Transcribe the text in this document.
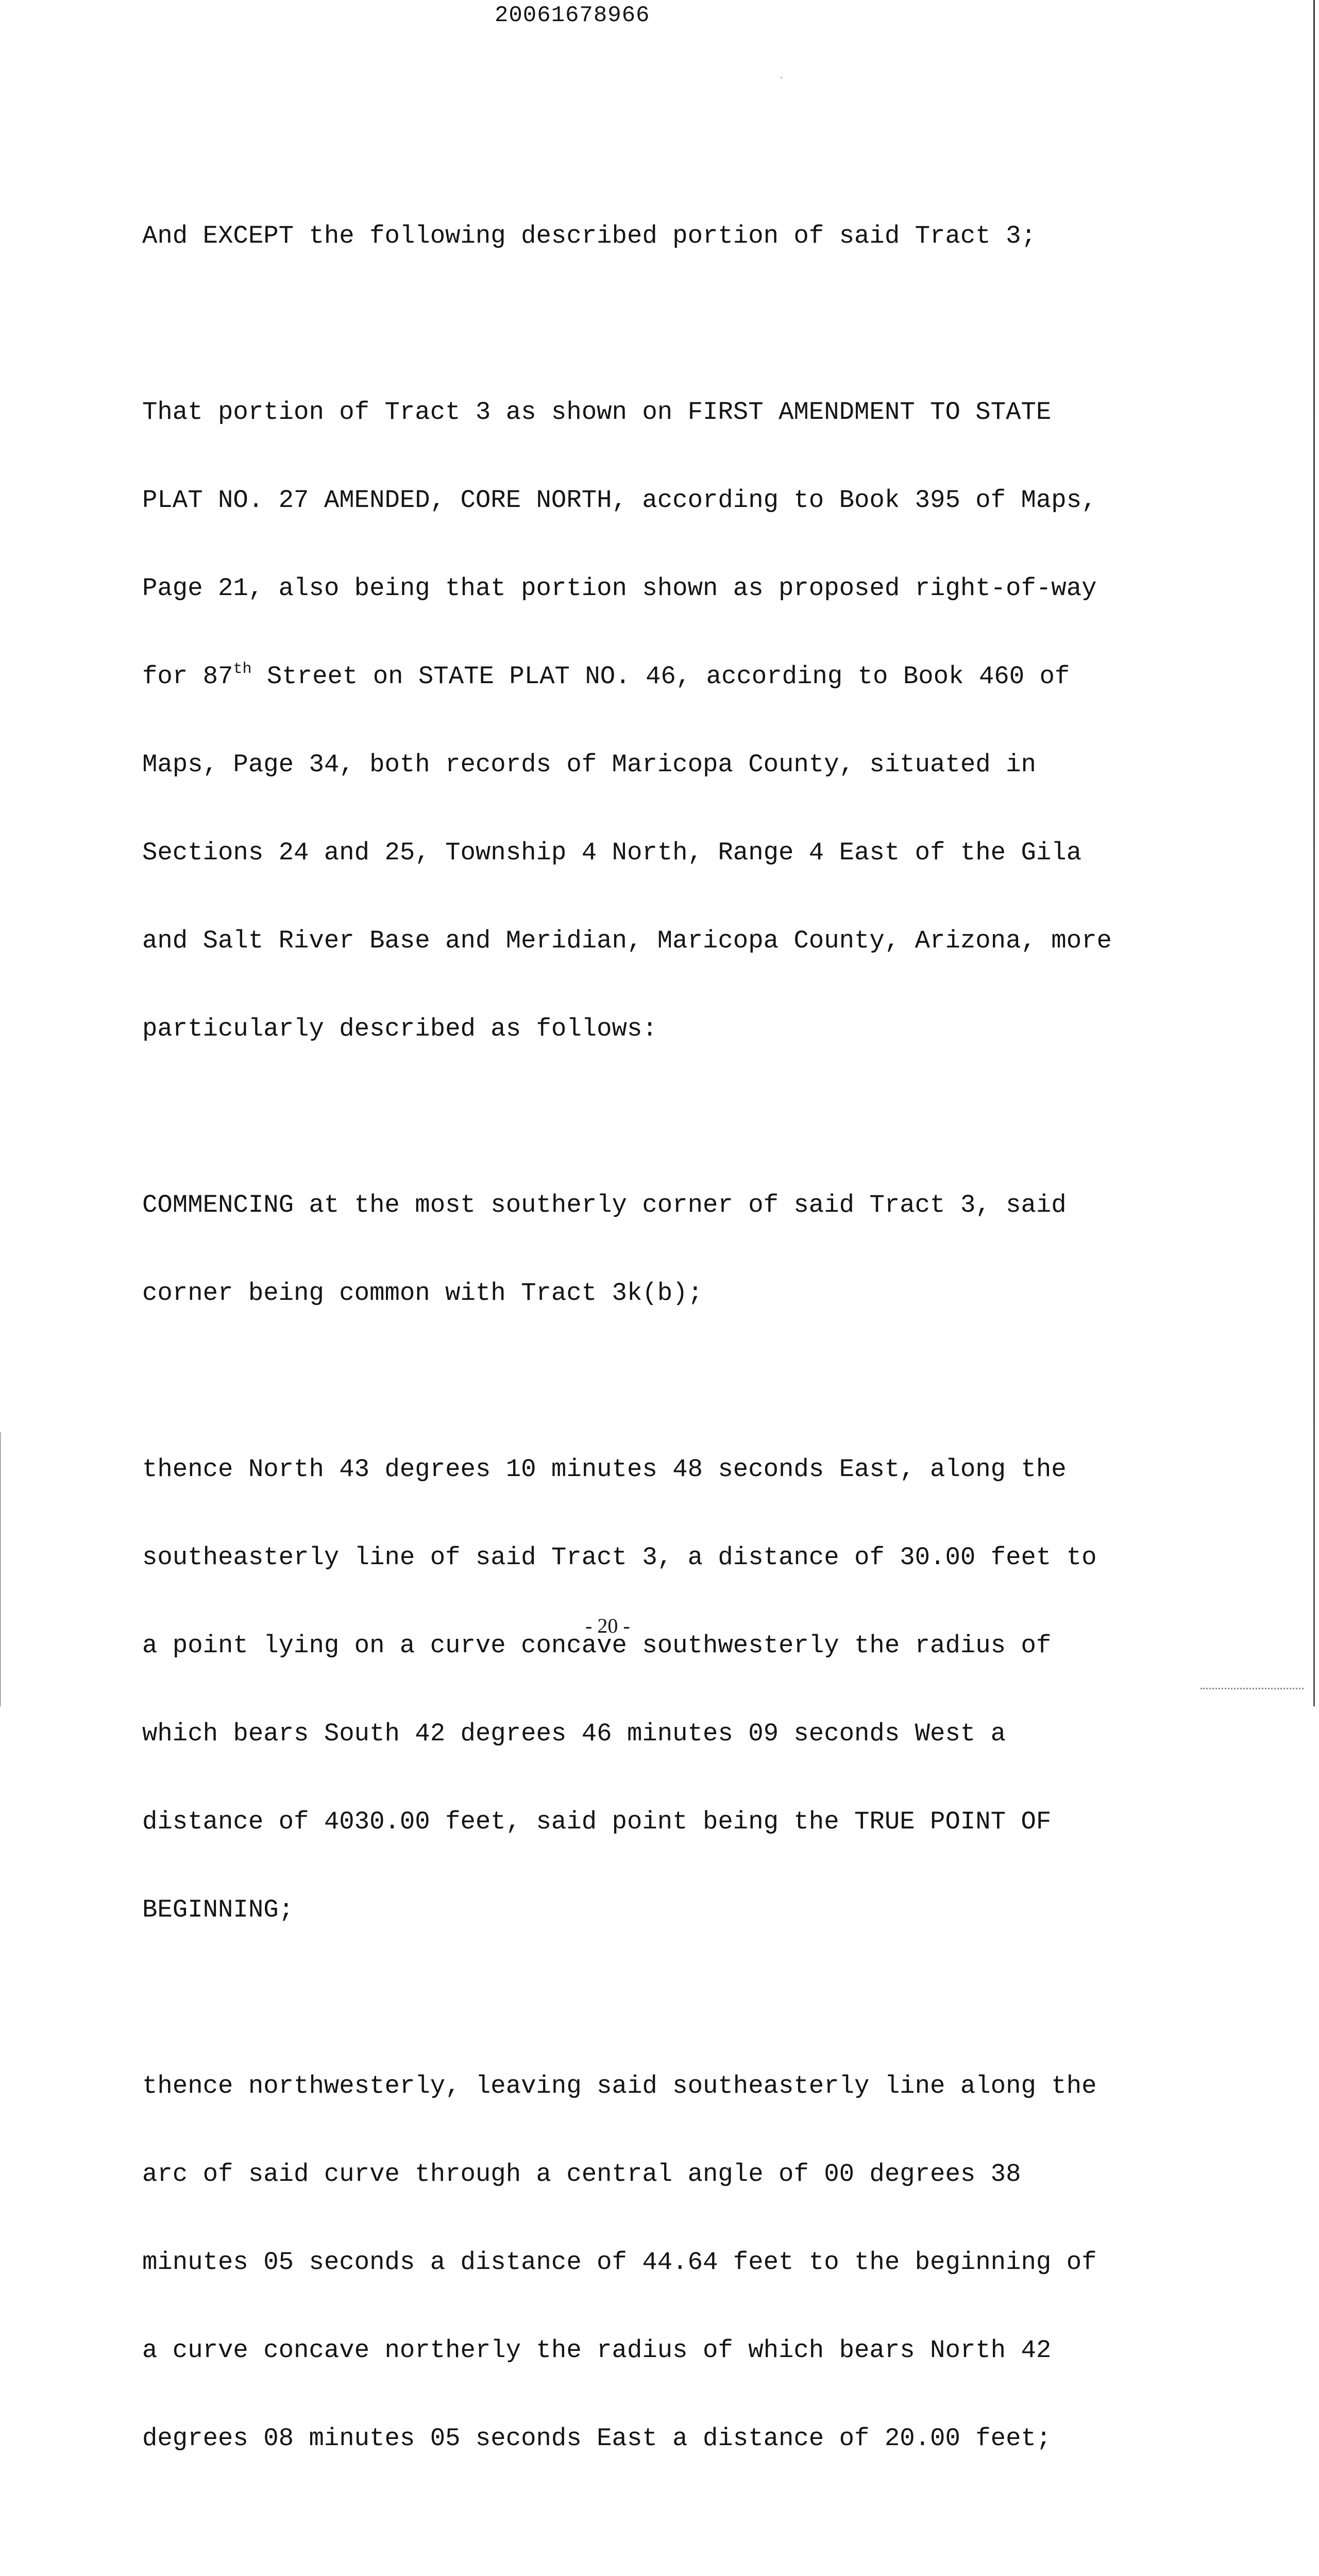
20061678966

And EXCEPT the following described portion of said Tract 3;

That portion of Tract 3 as shown on FIRST AMENDMENT TO STATE

PLAT NO. 27 AMENDED, CORE NORTH, according to Book 395 of Maps,

Page 21, also being that portion shown as proposed right-of-way

for 87th Street on STATE PLAT NO. 46, according to Book 460 of

Maps, Page 34, both records of Maricopa County, situated in

Sections 24 and 25, Township 4 North, Range 4 East of the Gila

and Salt River Base and Meridian, Maricopa County, Arizona, more

particularly described as follows:

COMMENCING at the most southerly corner of said Tract 3, said

corner being common with Tract 3k(b);

thence North 43 degrees 10 minutes 48 seconds East, along the

southeasterly line of said Tract 3, a distance of 30.00 feet to

a point lying on a curve concave southwesterly the radius of

which bears South 42 degrees 46 minutes 09 seconds West a

distance of 4030.00 feet, said point being the TRUE POINT OF

BEGINNING;

thence northwesterly, leaving said southeasterly line along the

arc of said curve through a central angle of 00 degrees 38

minutes 05 seconds a distance of 44.64 feet to the beginning of

a curve concave northerly the radius of which bears North 42

degrees 08 minutes 05 seconds East a distance of 20.00 feet;

- 20 -
